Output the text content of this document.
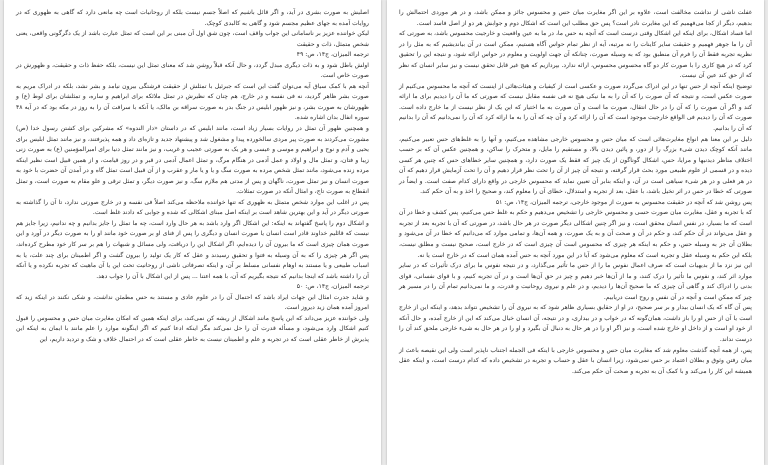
اصلیش به صورت بشری در آید، و اگر قائل باشیم که اصلاً جسم نیست بلکه از روحانیات است چه مانعی دارد که گاهی به ظهوری که در روایات آمده به جهای عظیم مجسم شود و گاهی به کالبدی کوچک.

لیکن خواننده عزیز بر ناسامانی این جواب واقف است، چون شق اول آن مبنی بر این است که تمثل عبارت باشد از یک دگرگونی واقعی، یعنی شخص متمثل، ذات و حقیقت

ترجمه المیزان، ج۱۴، ص: ۴۹

اولش باطل شود و به ذات دیگری مبدل گردد، و حال آنکه قبلاً روشن شد که معنای تمثل این نیست، بلکه حفظ ذات و حقیقت، و ظهورش در صورت خاص است.

آنچه هم با کمک سیاق آیه می‌توان گفت این است که جبرئیل با تمثلش از حقیقت فرشتگی بیرون نیامد و بشر نشد، بلکه در ادراک مریم به صورت بشر ظاهر گردید، نه فی نفسه و در خارج، هم چنان که نظیرش در تمثل ملائکه برای ابراهیم و ساره، و تمثلشان برای لوط (ع) و ظهورشان به صورت بشر، و نیز ظهور ابلیس در جنگ بدر به صورت سراقه بن مالک، یا آنکه با سرافت آن را به روز در مکه بود که در آیه ۴۸ سوره انفال بدان اشاره شده.

و همچنین ظهور آن تمثل در روایات بسیار زیاد است، مانند ابلیس که در داستان «دار الندوه» که مشرکین برای کشتن رسول خدا (ص) مشورت می‌کردند به صورت پیر مردی سالخورده پیدا و مشغول شد و پیشنهاد جدید و تازه‌ای داد و همه پذیرفتند، و نیز مانند تمثل ابلیس برای یحیی و آدم و نوح و ابراهیم و موسی و عیسی و هر یک به صورتی عجیب و غریب، و نیز مانند تمثل دنیا برای امیرالمؤمنین (ع) به صورت زنی زیبا و فتان، و تمثل مال و اولاد و عمل آدمی در هنگام مرگ، و تمثل اعمال آدمی در قبر و در روز قیامت، و از همین قبیل است نظیر اینکه مرده زنده می‌شود، مانند تمثل شخص مرده به صورت سگ و یا و یا مار و عقرب و از آن قبیل است تمثل گاه و در آمدن آن حضرت با خود به صورت انسان و نیز تمثل صورت، ناگهان و پس از مدتی هم ملازم سگ، و نیز صورت دیگر، و تمثل ترقی و علو مقام به صورت است، و تمثل انقطاع به صورت تاج، و امثال آنکه در صورت تمثلات.

پس در اغلب این موارد شخص متمثل به ظهوری که تنها خواننده ملاحظه می‌کند اصلاً فی نفسه و در خارج صورتی ندارد، تا آن را گذاشته به صورتی دیگر در آید و این بهترین شاهد است بر اینکه اصل مبنای اشکالی که شده و جوابی که دادند غلط است.

و اشکال دوم را پاسخ گفتهاند به اینکه: این اشکال اگر وارد باشد به هر حال وارد است، چه ما تمثل را جایز بدانیم و چه ندانیم، زیرا جایز هم نیست که قائلیم خداوند قادر است انسان یا صورت انسان و دیگری را پس از فنای او بر صورت خود مانند او را به صورت دیگر در آورد و این صورت همان چیزی است که ما بیرون آن را دیده‌ایم، اگر اشکال این را دریافت، ولی مسائل و شبهات را هم بر سر کار خود مطرح کرده‌اند، پس اگر هر چیزی را که به آن وسیله به فتوا و تحقیق رسیدند و عقل که کار یک تولید را بیرون گشت و اگر اطمینان برای چند علت، یا به اسباب طبیعی و یا مستند به اوهام نفسانی مسلط بر آن، و اینکه تصرفاتی ناشی از روحانیت تحت این یا آن ماهیت که تجربه نکرده و یا آنکه آن را داشته باشد که اینجا بدانیم که نتیجه بگیریم که آن، با همه اعتنا ... پس از این اشکال با آن را جواب دهد.

ترجمه المیزان، ج۱۴، ص: ۵۰

و شاید جدرت امثال این جهات ایراد باشد که احتمال آن را در علوم عادی و مستند به حس مطمئن نداشت، و شکی نکنند در اینکه زید که امروز آمده همان زید دیروز است.

ولی خواننده عزیز می‌داند که این پاسخ مانند اشکال از ریشه کن نمی‌کند، برای اینکه همین که امکان مغایرت میان حس و محسوس را قبول کنیم اشکال وارد می‌شود، و مسأله قدرت آن را حل نمی‌کند مگر اینکه ادعا کنیم که اگر اینگونه موارد را علم مانند با ایمان به اینکه این پذیرش از خاطر عقلی است که در تجربه و علم و اطمینان نیست به خاطر عقلی است که در احتمال خلاف و شک و تردید داریم، این

غفلت ناشی از نداشت مخالفت است، علاوه بر این اگر مغایرت میان حس و محسوس جائز و ممکن باشد، و در هر موردی احتمالش را بدهیم، دیگر از کجا می‌فهمیم که این مغایرت نادر است؟ پس حق مطلب این است که اشکال دوم و جوابش هر دو از اصل فاسد است.

اما فساد اشکال، برای اینکه این اشکال وقتی درست است که آنچه به حس ما، در ما به عین واقعیت و خارجیت محسوس باشد، به صورتی که آن را ما جوهر فهمیم و حقیقت سایر کاینات را نه مرتبه، آیه از نظر تمام حواس آگاه هستیم، ممکن است در آن بیاندیشیم که به مثل را در نظریه تجربه فقط آن را فرم آن منطبق بود که به وسیله صورت، چنانکه آن جهت اولویت و معلوم در حواس ارائه شود، و نتیجه این را تحقیق کرد که در هیچ کاری را با صورت کار دو گاه محسوس محسوس، ارائه ندارد. بپردازیم که هیچ غیر قابل تحقق نیست و نیز سایر انسان که نظر که از حق کند عین آن نیست.

توضیح اینکه آنچه از حس تنها در این ادراک می‌گردد صورت و عکسی است از کیفیات و هیئات‌هائی از اینست که آنچه ما محسوس می‌کنیم از صورت عکس است، و نتیجه که آن صورت را که آن را به ما نیکی هیچ نه فی نفسه مقابل نیست که صورتی که ما آن را دیدیم برای ما ارائه کند و اگر آن صورت را که آن را در حال انتقال، صورت ما است و آن صورت به ما اختیار که این یک از نظر نیست از ما خارج داده است. صورت که آن را دیدیم فی الواقع خارجیت موجود است که آن را ارائه کرد و آن چه که آن را به ما ارائه کرد که آن را نمی‌دانیم که آن را بدانیم که آن را بدانیم.

دلیل بر این معنا هم انواع مغایرت‌هائی است که میان حس و محسوس خارجی مشاهده می‌کنیم، و آنها را به غلط‌های حس تعبیر می‌کنیم، مانند آنکه کوچک دیدن شیء بزرگ را از دور، و پائین دیدن بالا، و مستقیم را مایل، و متحرک را ساکن، و همچنین عکس آن که بر حسب اختلاف مناظر دیدنیها و مرایا، حس، اشکال گوناگون از یک چیز که فقط یک صورت دارد، و همچنین سایر خطاهای حس که چنین هر کسی دیده و در قسمی از علوم طبیعی مورد بحث قرار گرفته، و نتیجه آن چیز از آن را تحت نظر قرار دهیم و آن را تحت آزمایش قرار دهیم که آن در هر فعلی و در هر شیء سیاهی است در آن، و اینکه بنابر آن تعیین نماید که محسوس خارجی در واقع دارای کدام صفت است. و ایضاً در صورتی که خطا در حس در اثر تخیل باشد، با عقل، بعد از تجربه و استدلال، خطای آن را معلوم کند، و صحیح را اخذ و به آن حکم کند.

پس روشن شد که آنچه در حقیقت محسوس به صورت از موجود خارجی، ترجمه المیزان، ج۱۴، ص: ۵۱

که با تجربه و عقل، مغایرت میان صورت حسی و محسوس خارجی را تشخیص می‌دهیم و حکم به غلط حس می‌کنیم، پس کشف و خطا در آن است که ما بسیار، در نفس انسان محقق است، و نیز اگر چنین اشکالی دیگر صورت در هر حال باشد، در صورتی که آن با تجربه بعد از تجربه و عقل می‌تواند در آن حکم کند، و حکم در آن و صحت آن و به یک صورت، و همه آن‌ها، و تمامی موارد که می‌دانیم که خطا در آن می‌شود و بطلان آن جز به وسیله حس، و حکم به اینکه هر چیزی که محسوس است آن چیزی است که در خارج است، صحیح نیست و مطلق نیست، بلکه این حکم به وسیله عقل و تجربه است که معلوم می‌شود که آیا در این مورد آنچه به حس آمده همان است که در خارج است یا نه.

این نیز نزد ما از بدیهیات است که صرف اعمال نفوس ما را از حس ما تأثیر می‌گذارد، و در نتیجه نفوس ما برای درک تأثیرات که در سایر موارد اثر کند، و نفوس ما تأثیر را درک کنند، و ما از آن‌ها خبر دهیم و چیز در حق آن‌ها است و در آن تجربه کنیم، و با قوای نفسانی، قوای بدنی را ادراک کند و گاهی آن چیزی که ما صحیح آن‌ها را دیدیم، و در علم و نیروی روحانیت و قدرت، و ما نمی‌دانیم تمام آن را در مسیر هر چیز که ممکن است و آنچه در آن نفس و روح است دریابیم.

پس آن گاه که یک انسان بیدار و بر سر صحیح، در او از حقایق بسیاری ظاهر شود که به نیروی آن را تشخیص نتواند بدهد، و اینکه این از خارج است یا آن از حس او را باز داشت، همان‌گونه که در خواب و در بیداری، و در نتیجه، آن انسان خیال می‌کند که این از خارج آمده، و حال آنکه از خود او است و از داخل او خارج شده است، و نیز اگر او را در هر حال به دنبال آن بگیرد و او را در هر حال به شیء خارجی ملحق کند آن را درست نداند.

پس، از همه آنچه گذشت معلوم شد که مغایرت میان حس و محسوس خارجی با اینکه فی الجمله اجتناب ناپذیر است ولی این نقیصه باعث از میان رفتن وثوق و بطلان اعتماد بر حس نمی‌شود، زیرا انسان با عقل و حساب و تجربه در تشخیص داده که کدام درست است، و اینکه عقل همیشه این کار را می‌کند و با کمک آن به تجربه و صحت آن حکم می‌کند.
